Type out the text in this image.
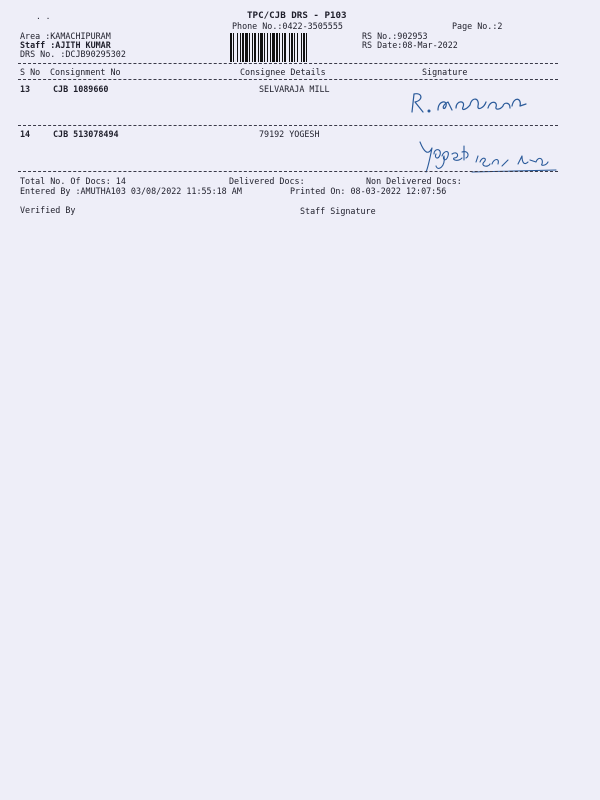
· ·	TPC/CJB DRS - P103
Phone No.:0422-3505555	Page No.:2
Area :KAMACHIPURAM
Staff :AJITH KUMAR
DRS No. :DCJB90295302
RS No.:902953
RS Date:08-Mar-2022
S No Consignment No	Consignee Details	Signature
13	CJB 1089660	SELVARAJA MILL
14	CJB 513078494	79192 YOGESH
Total No. Of Docs: 14	Delivered Docs:	Non Delivered Docs:
Entered By :AMUTHA103 03/08/2022 11:55:18 AM	Printed On: 08-03-2022 12:07:56
Verified By	Staff Signature
